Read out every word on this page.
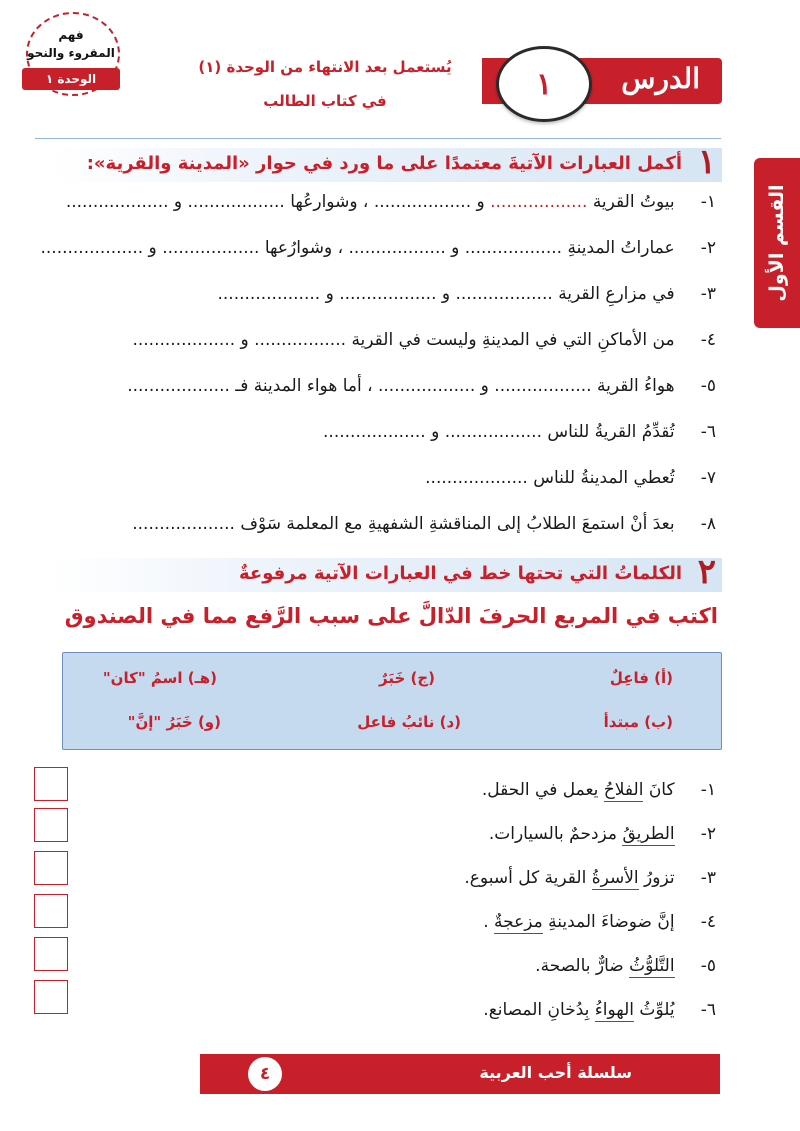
الدرس
١
يُستعمل بعد الانتهاء من الوحدة (١)
في كتاب الطالب
فهم
المقروء والنحو
الوحدة ١
القسم الأول
١
أكمل العبارات الآتيةَ معتمدًا على ما ورد في حوار «المدينة والقرية»:
١- بيوتُ القرية .................. و .................. ، وشوارعُها .................. و ...................
٢- عماراتُ المدينةِ .................. و .................. ، وشوارُعها .................. و ...................
٣- في مزارعِ القرية .................. و .................. و ...................
٤- من الأماكنِ التي في المدينةِ وليست في القرية ................. و ...................
٥- هواءُ القرية .................. و .................. ، أما هواء المدينة فـ ...................
٦- تُقدِّمُ القريةُ للناس .................. و ...................
٧- تُعطي المدينةُ للناس ...................
٨- بعدَ أنْ استمعَ الطلابُ إلى المناقشةِ الشفهيةِ مع المعلمة سَوْف ...................
٢
الكلماتُ التي تحتها خط في العبارات الآتية مرفوعةٌ
اكتب في المربع الحرفَ الدّالَّ على سبب الرَّفع مما في الصندوق
(أ) فاعِلٌ
(ج) خَبَرٌ
(هـ) اسمُ "كان"
(ب) مبتدأ
(د) نائبُ فاعل
(و) خَبَرُ "إنَّ"
١- كانَ الفلاحُ يعمل في الحقل.
٢- الطريقُ مزدحمٌ بالسيارات.
٣- تزورُ الأسرةُ القرية كل أسبوع.
٤- إنَّ ضوضاءَ المدينةِ مزعجةٌ .
٥- التَّلوُّثُ ضارٌّ بالصحة.
٦- يُلوِّثُ الهواءُ بِدُخانِ المصانع.
سلسلة أحب العربية
٤
